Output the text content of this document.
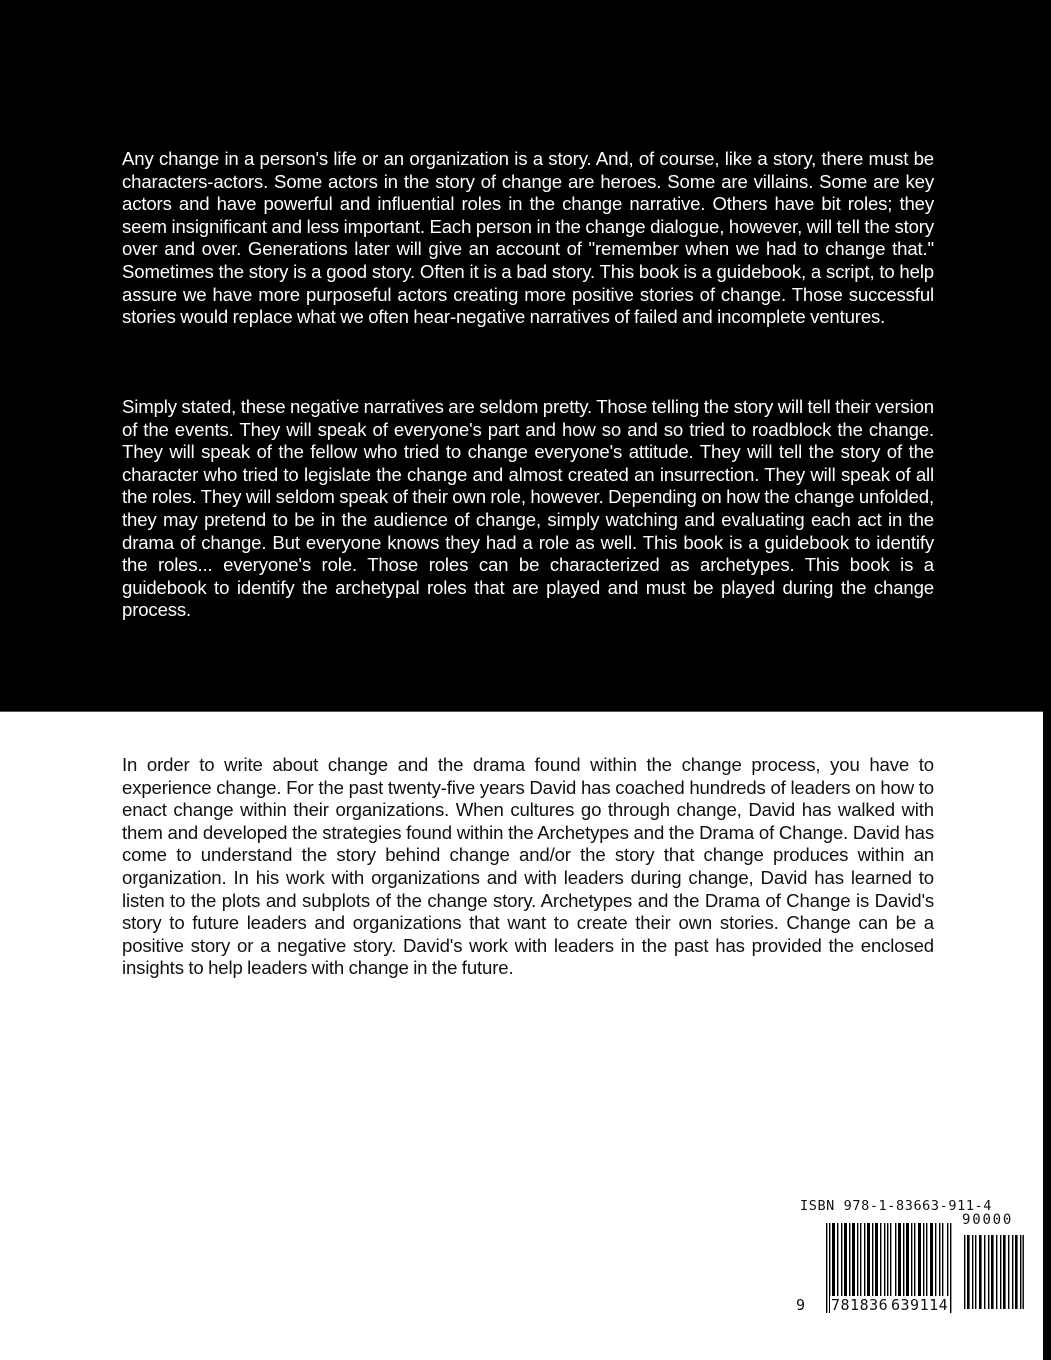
Any change in a person's life or an organization is a story. And, of course, like a story, there must be characters-actors. Some actors in the story of change are heroes. Some are villains. Some are key actors and have powerful and influential roles in the change narrative. Others have bit roles; they seem insignificant and less important. Each person in the change dialogue, however, will tell the story over and over. Generations later will give an account of "remember when we had to change that." Sometimes the story is a good story. Often it is a bad story. This book is a guidebook, a script, to help assure we have more purposeful actors creating more positive stories of change. Those successful stories would replace what we often hear-negative narratives of failed and incomplete ventures.

Simply stated, these negative narratives are seldom pretty. Those telling the story will tell their version of the events. They will speak of everyone's part and how so and so tried to roadblock the change. They will speak of the fellow who tried to change everyone's attitude. They will tell the story of the character who tried to legislate the change and almost created an insurrection. They will speak of all the roles. They will seldom speak of their own role, however. Depending on how the change unfolded, they may pretend to be in the audience of change, simply watching and evaluating each act in the drama of change. But everyone knows they had a role as well. This book is a guidebook to identify the roles... everyone's role. Those roles can be characterized as archetypes. This book is a guidebook to identify the archetypal roles that are played and must be played during the change process.

In order to write about change and the drama found within the change process, you have to experience change. For the past twenty-five years David has coached hundreds of leaders on how to enact change within their organizations. When cultures go through change, David has walked with them and developed the strategies found within the Archetypes and the Drama of Change. David has come to understand the story behind change and/or the story that change produces within an organization. In his work with organizations and with leaders during change, David has learned to listen to the plots and subplots of the change story. Archetypes and the Drama of Change is David's story to future leaders and organizations that want to create their own stories. Change can be a positive story or a negative story. David's work with leaders in the past has provided the enclosed insights to help leaders with change in the future.

ISBN 978-1-83663-911-4
90000
9 781836 639114
